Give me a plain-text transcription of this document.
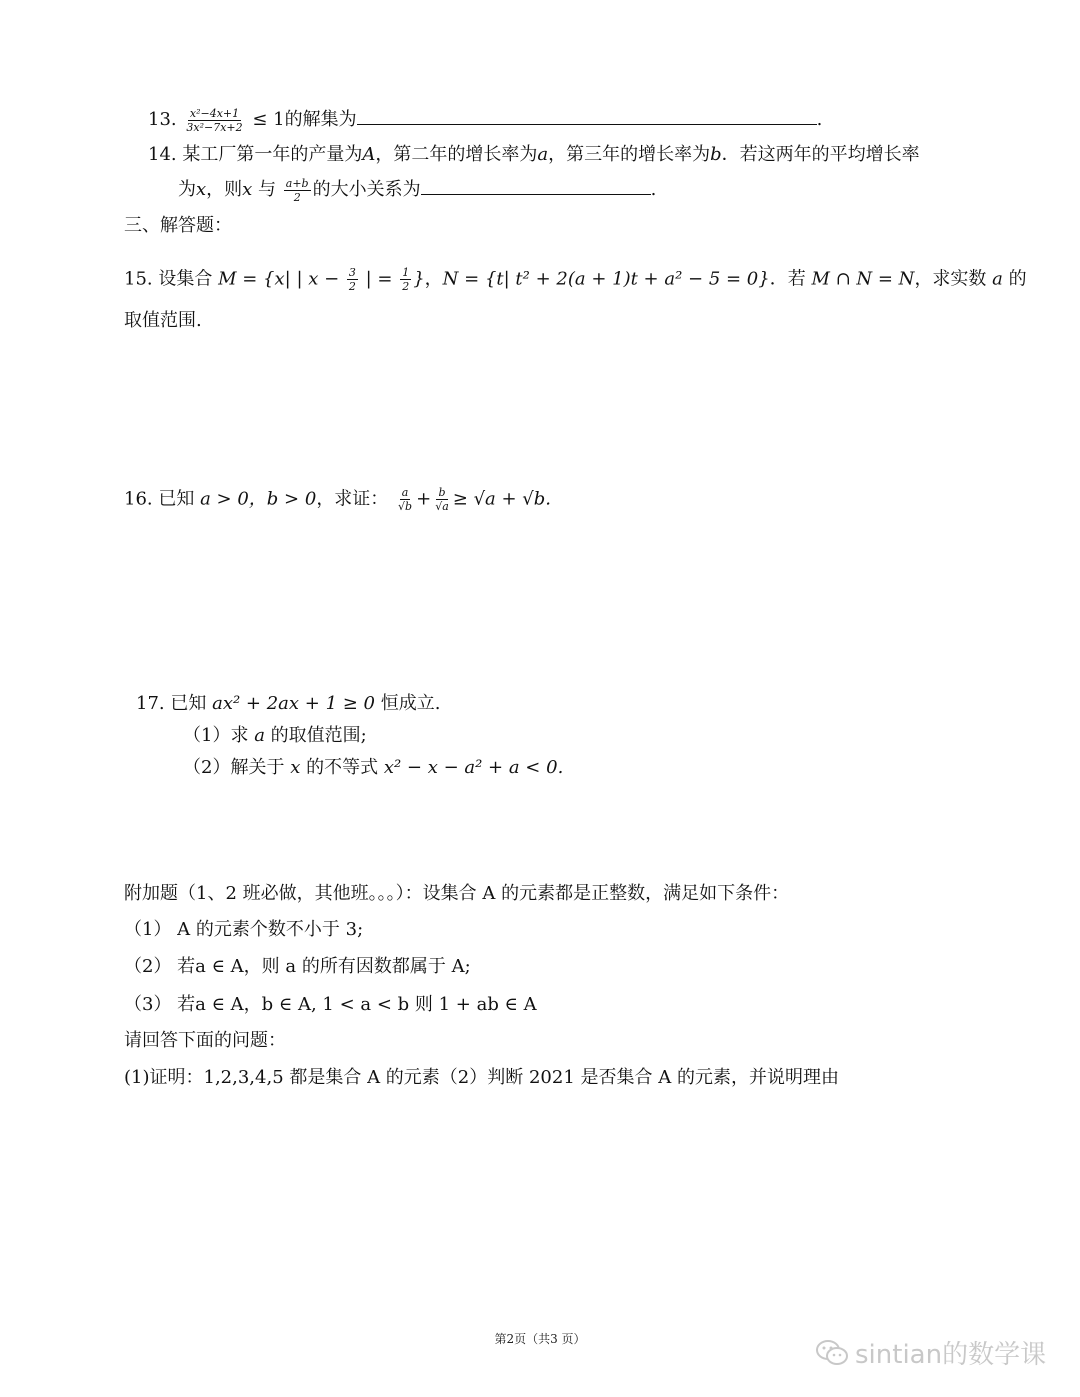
13. $\frac{\text{x²−4x+1}}{\text{3x²−7x+2}} \le 1$的解集为	.
14. 某工厂第一年的产量为A，第二年的增长率为a，第三年的增长率为b．若这两年的平均增长率
为x，则x 与 $\frac{a+b}{2}$ 的大小关系为	.
三、解答题：
15. 设集合 M = {x| | $x - \frac{3}{2}$ | = $\frac{1}{2}$ }，N = {t| t² + 2(a + 1)t + a² − 5 = 0}．若 M ∩ N = N，求实数 a 的
取值范围.
16. 已知 a > 0，b > 0，求证： $\frac{a}{√b} + \frac{b}{√a} \ge √a + √b$.
17. 已知 ax² + 2ax + 1 ≥ 0 恒成立.
（1）求 a 的取值范围;
（2）解关于 x 的不等式 x² − x − a² + a < 0.
附加题（1、2 班必做，其他班。。。）：设集合 A 的元素都是正整数，满足如下条件：
（1） A 的元素个数不小于 3;
（2） 若a ∈ A，则 a 的所有因数都属于 A;
（3） 若a ∈ A，b ∈ A, 1 < a < b 则 1 + ab ∈ A
请回答下面的问题：
(1)证明：1,2,3,4,5 都是集合 A 的元素（2）判断 2021 是否集合 A 的元素，并说明理由
第2页（共3 页）
sintian的数学课
